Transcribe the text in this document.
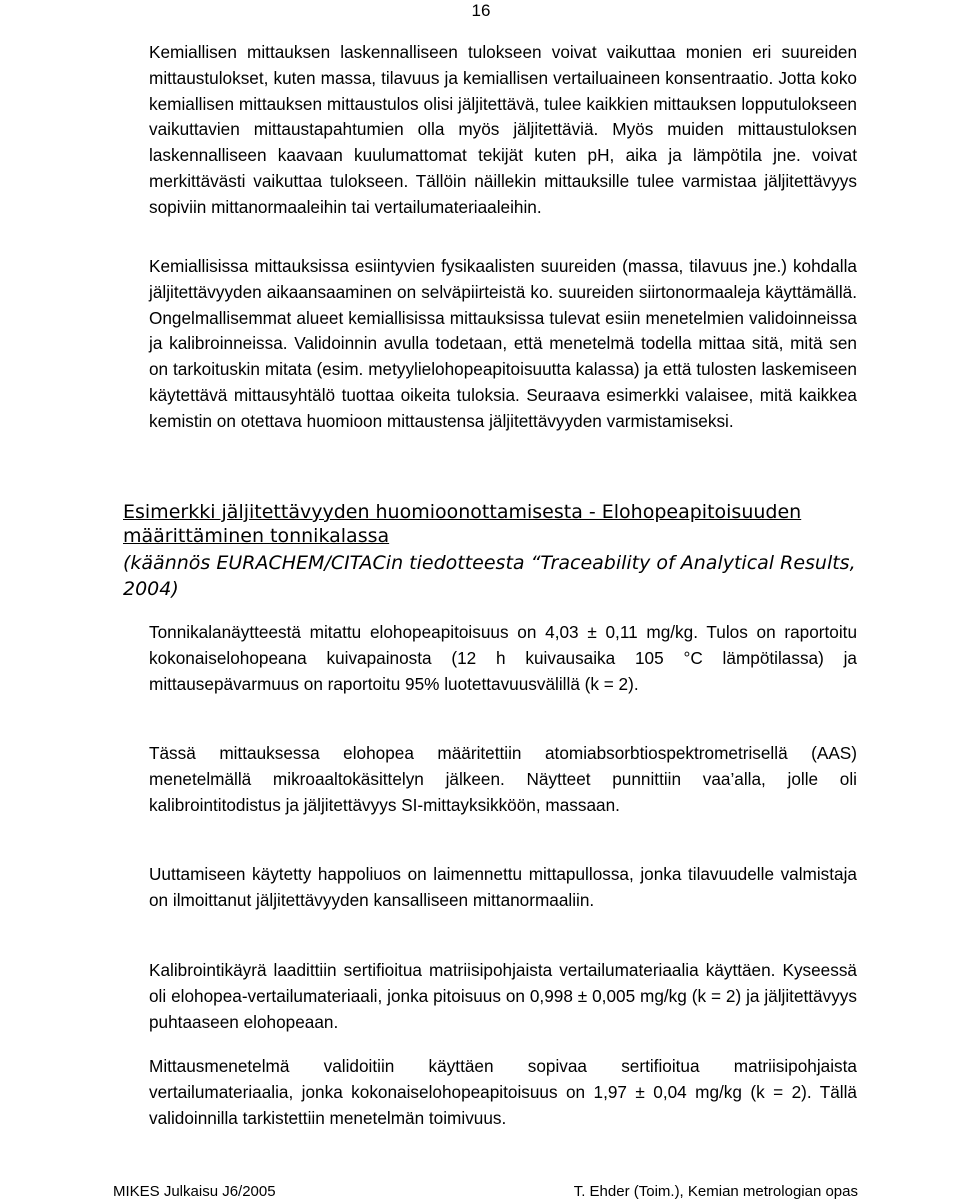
16

Kemiallisen mittauksen laskennalliseen tulokseen voivat vaikuttaa monien eri suureiden mittaustulokset, kuten massa, tilavuus ja kemiallisen vertailuaineen konsentraatio. Jotta koko kemiallisen mittauksen mittaustulos olisi jäljitettävä, tulee kaikkien mittauksen lopputulokseen vaikuttavien mittaustapahtumien olla myös jäljitettäviä. Myös muiden mittaustuloksen laskennalliseen kaavaan kuulumattomat tekijät kuten pH, aika ja lämpötila jne. voivat merkittävästi vaikuttaa tulokseen. Tällöin näillekin mittauksille tulee varmistaa jäljitettävyys sopiviin mittanormaaleihin tai vertailumateriaaleihin.

Kemiallisissa mittauksissa esiintyvien fysikaalisten suureiden (massa, tilavuus jne.) kohdalla jäljitettävyyden aikaansaaminen on selväpiirteistä ko. suureiden siirtonormaaleja käyttämällä. Ongelmallisemmat alueet kemiallisissa mittauksissa tulevat esiin menetelmien validoinneissa ja kalibroinneissa. Validoinnin avulla todetaan, että menetelmä todella mittaa sitä, mitä sen on tarkoituskin mitata (esim. metyylielohopeapitoisuutta kalassa) ja että tulosten laskemiseen käytettävä mittausyhtälö tuottaa oikeita tuloksia. Seuraava esimerkki valaisee, mitä kaikkea kemistin on otettava huomioon mittaustensa jäljitettävyyden varmistamiseksi.

Esimerkki jäljitettävyyden huomioonottamisesta - Elohopeapitoisuuden määrittäminen tonnikalassa

(käännös EURACHEM/CITACin tiedotteesta “Traceability of Analytical Results, 2004)

Tonnikalanäytteestä mitattu elohopeapitoisuus on 4,03 ± 0,11 mg/kg. Tulos on raportoitu kokonaiselohopeana kuivapainosta (12 h kuivausaika 105 °C lämpötilassa) ja mittausepävarmuus on raportoitu 95% luotettavuusvälillä (k = 2).

Tässä mittauksessa elohopea määritettiin atomiabsorbtiospektrometrisellä (AAS) menetelmällä mikroaaltokäsittelyn jälkeen. Näytteet punnittiin vaa’alla, jolle oli kalibrointitodistus ja jäljitettävyys SI-mittayksikköön, massaan.

Uuttamiseen käytetty happoliuos on laimennettu mittapullossa, jonka tilavuudelle valmistaja on ilmoittanut jäljitettävyyden kansalliseen mittanormaaliin.

Kalibrointikäyrä laadittiin sertifioitua matriisipohjaista vertailumateriaalia käyttäen. Kyseessä oli elohopea-vertailumateriaali, jonka pitoisuus on 0,998 ± 0,005 mg/kg (k = 2) ja jäljitettävyys puhtaaseen elohopeaan.

Mittausmenetelmä validoitiin käyttäen sopivaa sertifioitua matriisipohjaista vertailumateriaalia, jonka kokonaiselohopeapitoisuus on 1,97 ± 0,04 mg/kg (k = 2). Tällä validoinnilla tarkistettiin menetelmän toimivuus.

MIKES Julkaisu J6/2005	T. Ehder (Toim.), Kemian metrologian opas
